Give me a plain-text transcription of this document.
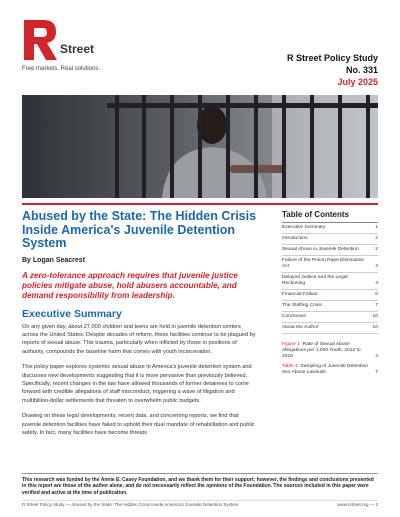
Street
Free markets. Real solutions.
R Street Policy Study
No. 331
July 2025
Abused by the State: The Hidden Crisis Inside America's Juvenile Detention System
By Logan Seacrest
A zero-tolerance approach requires that juvenile justice policies mitigate abuse, hold abusers accountable, and demand responsibility from leadership.
Executive Summary

On any given day, about 27,000 children and teens are held in juvenile detention centers across the United States. Despite decades of reform, these facilities continue to be plagued by reports of sexual abuse. This trauma, particularly when inflicted by those in positions of authority, compounds the baseline harm that comes with youth incarceration.

This policy paper explores systemic sexual abuse in America's juvenile detention system and discusses new developments suggesting that it is more pervasive than previously believed. Specifically, recent changes in the law have allowed thousands of former detainees to come forward with credible allegations of staff misconduct, triggering a wave of litigation and multibillion-dollar settlements that threaten to overwhelm public budgets.

Drawing on these legal developments, recent data, and concerning reports, we find that juvenile detention facilities have failed to uphold their dual mandate of rehabilitation and public safety. In fact, many facilities have become threats

Table of Contents
Executive Summary	1
Introduction	2
Sexual Abuse in Juvenile Detention	2
Failure of the Prison Rape Elimination Act	4
Delayed Justice and the Legal Reckoning	4
Financial Fallout	6
The Staffing Crisis	7
Conclusion	10
About the Author	10
Figure 1: Rate of Sexual Abuse Allegations per 1,000 Youth, 2013 to 2018	4
Table 1: Sampling of Juvenile Detention Sex Abuse Lawsuits	7
This research was funded by the Annie E. Casey Foundation, and we thank them for their support; however, the findings and conclusions presented in this report are those of the author alone, and do not necessarily reflect the opinions of the Foundation. The sources included in this paper were verified and active at the time of publication.
R Street Policy Study — Abused by the State: The Hidden Crisis Inside America's Juvenile Detention System	www.rstreet.org — 1
